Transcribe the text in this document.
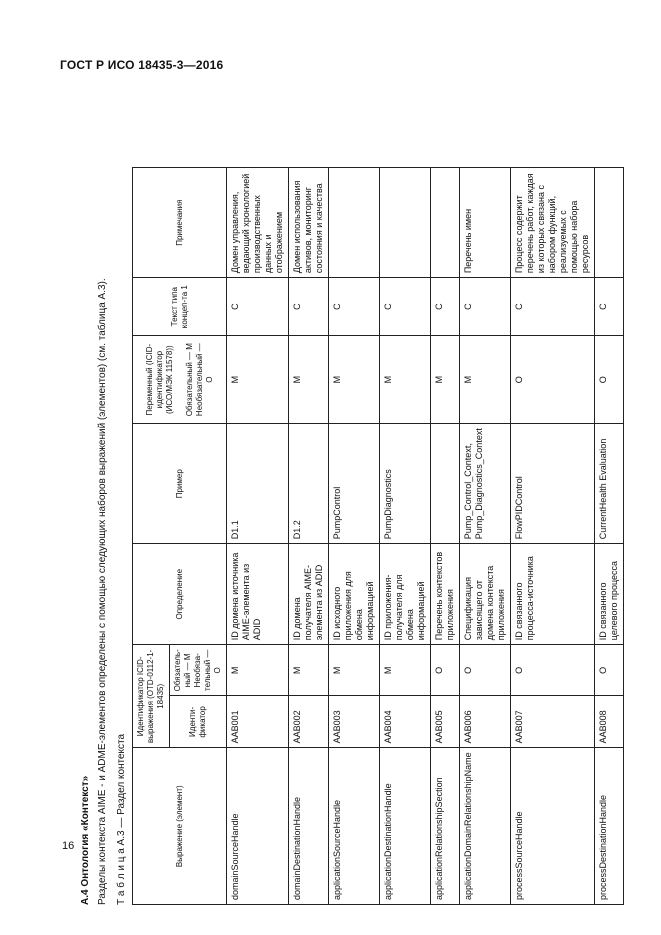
ГОСТ Р ИСО 18435-3—2016
16 А.4 Онтология «Контекст» Разделы контекста AIME - и ADME-элементов определены с помощью следующих наборов выражений (элементов) (см. таблица А.3). Т а б л и ц а А.3 — Раздел контекста	Выражение (элемент)	Идентификатор ICID-выражения (OTD-0112-1-18435)		Определение	Пример	Переменный (ICID-идентификатор (ИСО/МЭК 11578)) Обязательный — М Необязательный — О	Текст типа концеп-та 1	Примечания
	Иденти-фикатор	Обязатель-ный — М Необяза-тельный — О					
domainSourceHandle	AAB001	М	ID домена источника AIME-элемента из ADID	D1.1	М	С	Домен управления, ведающий хронологией производственных данных и отображением
domainDestinationHandle	AAB002	М	ID домена получателя AIME-элемента из ADID	D1.2	М	С	Домен использования активов, мониторинг состояния и качества
applicationSourceHandle	AAB003	М	ID исходного приложения для обмена информацией	PumpControl	М	С	
applicationDestinationHandle	AAB004	М	ID приложения-получателя для обмена информацией	PumpDiagnostics	М	С	
applicationRelationshipSection	AAB005	О	Перечень контекстов приложения		М	С	
applicationDomainRelationshipName	AAB006	О	Спецификация зависящего от домена контекста приложения	Pump_Control_Context, Pump_Diagnostics_Context	М	С	Перечень имен
processSourceHandle	AAB007	О	ID связанного процесса-источника	FlowPIDControl	О	С	Процесс содержит перечень работ, каждая из которых связана с набором функций, реализуемых с помощью набора ресурсов
processDestinationHandle	AAB008	О	ID связанного целевого процесса	CurrentHealth Evaluation	О	С	
